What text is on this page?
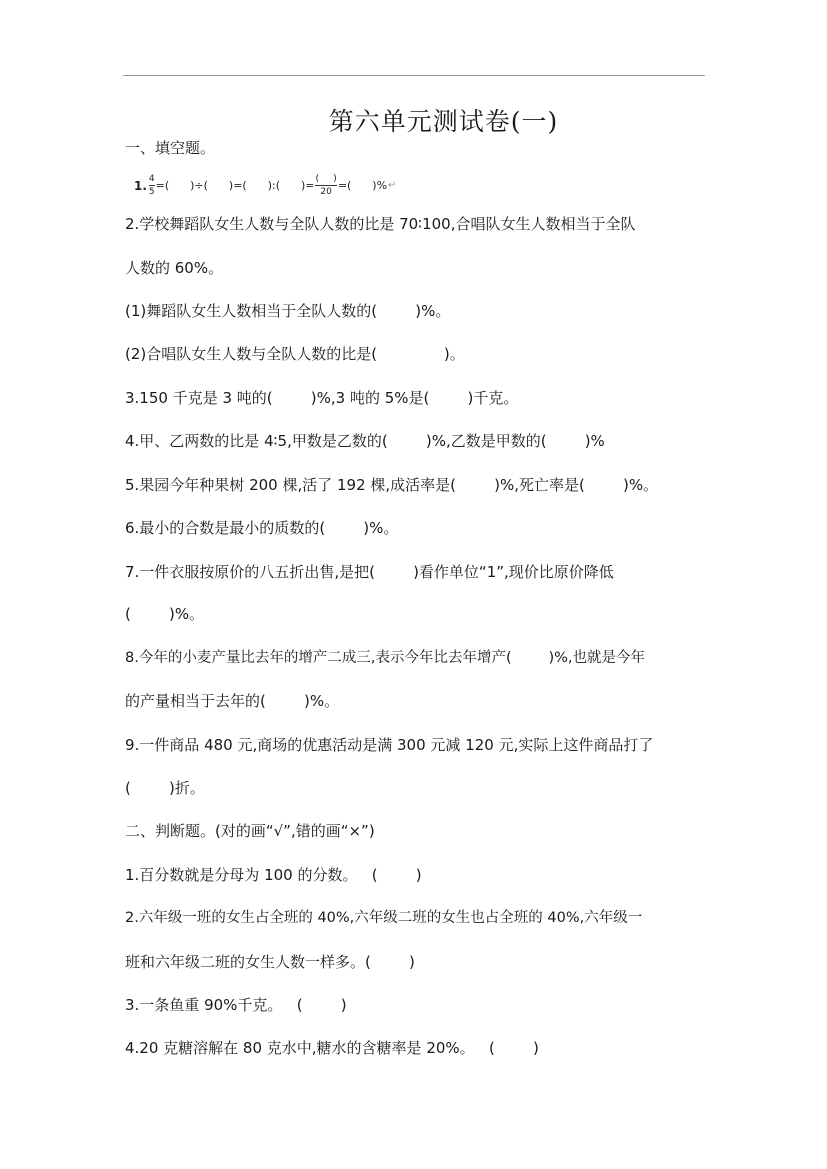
第六单元测试卷(一)
一、填空题。
1. $\frac{4}{5}$ =(      )÷(      )=(      ):(      )= $\frac{( )}{20}$ =(      )% ↵
2.学校舞蹈队女生人数与全队人数的比是 70∶100,合唱队女生人数相当于全队
人数的 60%。
(1)舞蹈队女生人数相当于全队人数的(        )%。
(2)合唱队女生人数与全队人数的比是(              )。
3.150 千克是 3 吨的(        )%,3 吨的 5%是(        )千克。
4.甲、乙两数的比是 4∶5,甲数是乙数的(        )%,乙数是甲数的(        )%
5.果园今年种果树 200 棵,活了 192 棵,成活率是(        )%,死亡率是(        )%。
6.最小的合数是最小的质数的(        )%。
7.一件衣服按原价的八五折出售,是把(        )看作单位“1”,现价比原价降低
(        )%。
8.今年的小麦产量比去年的增产二成三,表示今年比去年增产(        )%,也就是今年
的产量相当于去年的(        )%。
9.一件商品 480 元,商场的优惠活动是满 300 元减 120 元,实际上这件商品打了
(        )折。
二、判断题。(对的画“√”,错的画“×”)
1.百分数就是分母为 100 的分数。   (        )
2.六年级一班的女生占全班的 40%,六年级二班的女生也占全班的 40%,六年级一
班和六年级二班的女生人数一样多。(        )
3.一条鱼重 90%千克。   (        )
4.20 克糖溶解在 80 克水中,糖水的含糖率是 20%。   (        )
